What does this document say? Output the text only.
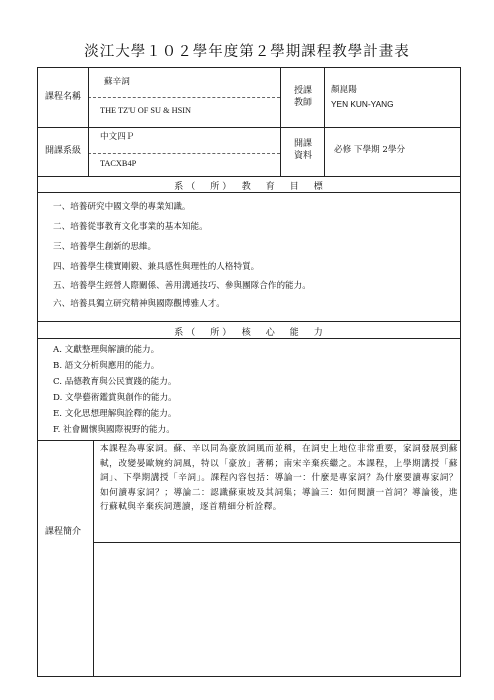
淡江大學１０２學年度第２學期課程教學計畫表
課程名稱
蘇辛詞
THE TZ'U OF SU & HSIN
授課
教師
顏崑陽
YEN KUN-YANG
開課系級
中文四Ｐ
TACXB4P
開課
資料
必修 下學期 2學分
系（　所）　教　育　目　標
一、培養研究中國文學的專業知識。
二、培養從事教育文化事業的基本知能。
三、培養學生創新的思維。
四、培養學生樸實剛毅、兼具感性與理性的人格特質。
五、培養學生經營人際關係、善用溝通技巧、參與團隊合作的能力。
六、培養具獨立研究精神與國際觀博雅人才。
系（　所）　核　心　能　力
A. 文獻整理與解讀的能力。
B. 語文分析與應用的能力。
C. 品德教育與公民實踐的能力。
D. 文學藝術鑑賞與創作的能力。
E. 文化思想理解與詮釋的能力。
F. 社會關懷與國際視野的能力。
課程簡介
本課程為專家詞。蘇、辛以同為豪放詞風而並稱，在詞史上地位非常重要，家詞發展到蘇軾，改變晏歐婉約詞風，特以「豪放」著稱；南宋辛棄疾繼之。本課程，上學期講授「蘇詞」、下學期講授「辛詞」。課程內容包括：導論一：什麼是專家詞？為什麼要讀專家詞？如何讀專家詞？；導論二：認識蘇東坡及其詞集；導論三：如何閱讀一首詞？導論後，進行蘇軾與辛棄疾詞選讀，逐首精細分析詮釋。
